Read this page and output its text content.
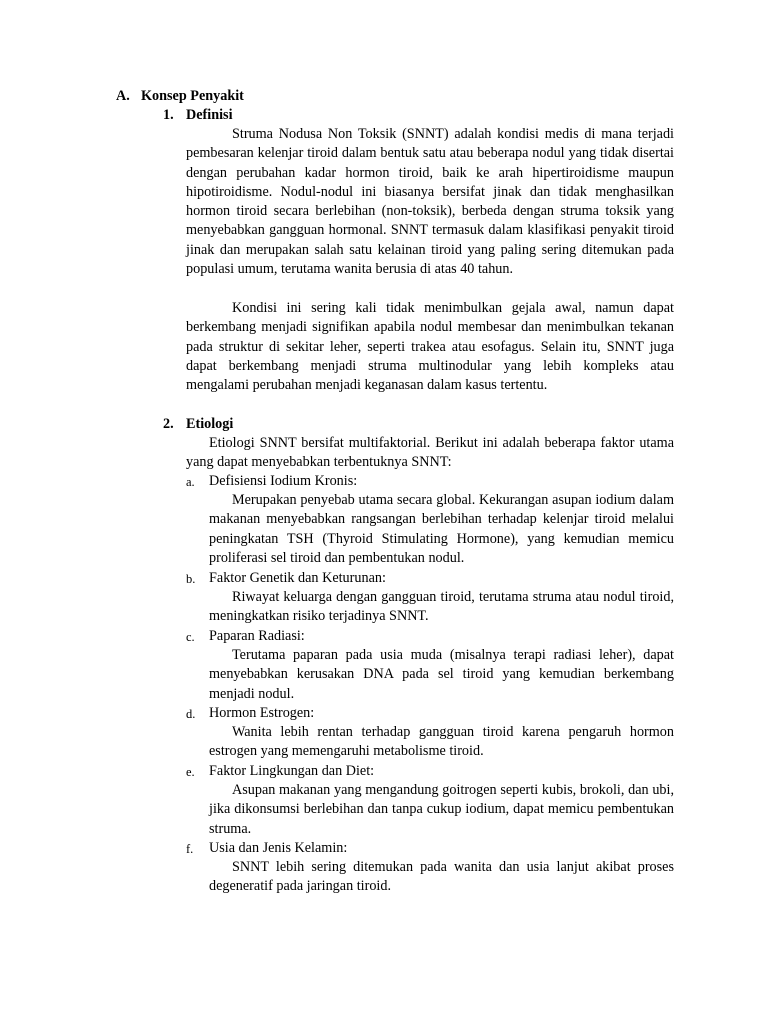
A. Konsep Penyakit
1. Definisi
Struma Nodusa Non Toksik (SNNT) adalah kondisi medis di mana terjadi pembesaran kelenjar tiroid dalam bentuk satu atau beberapa nodul yang tidak disertai dengan perubahan kadar hormon tiroid, baik ke arah hipertiroidisme maupun hipotiroidisme. Nodul-nodul ini biasanya bersifat jinak dan tidak menghasilkan hormon tiroid secara berlebihan (non-toksik), berbeda dengan struma toksik yang menyebabkan gangguan hormonal. SNNT termasuk dalam klasifikasi penyakit tiroid jinak dan merupakan salah satu kelainan tiroid yang paling sering ditemukan pada populasi umum, terutama wanita berusia di atas 40 tahun.
Kondisi ini sering kali tidak menimbulkan gejala awal, namun dapat berkembang menjadi signifikan apabila nodul membesar dan menimbulkan tekanan pada struktur di sekitar leher, seperti trakea atau esofagus. Selain itu, SNNT juga dapat berkembang menjadi struma multinodular yang lebih kompleks atau mengalami perubahan menjadi keganasan dalam kasus tertentu.
2. Etiologi
Etiologi SNNT bersifat multifaktorial. Berikut ini adalah beberapa faktor utama yang dapat menyebabkan terbentuknya SNNT:
a. Defisiensi Iodium Kronis:
Merupakan penyebab utama secara global. Kekurangan asupan iodium dalam makanan menyebabkan rangsangan berlebihan terhadap kelenjar tiroid melalui peningkatan TSH (Thyroid Stimulating Hormone), yang kemudian memicu proliferasi sel tiroid dan pembentukan nodul.
b. Faktor Genetik dan Keturunan:
Riwayat keluarga dengan gangguan tiroid, terutama struma atau nodul tiroid, meningkatkan risiko terjadinya SNNT.
c. Paparan Radiasi:
Terutama paparan pada usia muda (misalnya terapi radiasi leher), dapat menyebabkan kerusakan DNA pada sel tiroid yang kemudian berkembang menjadi nodul.
d. Hormon Estrogen:
Wanita lebih rentan terhadap gangguan tiroid karena pengaruh hormon estrogen yang memengaruhi metabolisme tiroid.
e. Faktor Lingkungan dan Diet:
Asupan makanan yang mengandung goitrogen seperti kubis, brokoli, dan ubi, jika dikonsumsi berlebihan dan tanpa cukup iodium, dapat memicu pembentukan struma.
f. Usia dan Jenis Kelamin:
SNNT lebih sering ditemukan pada wanita dan usia lanjut akibat proses degeneratif pada jaringan tiroid.
